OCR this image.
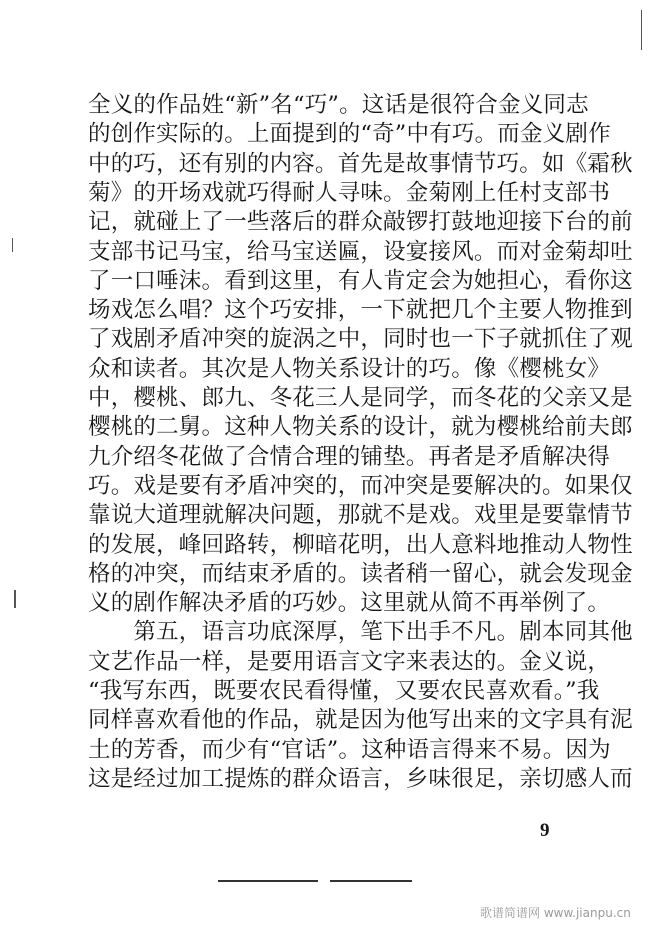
全义的作品姓“新”名“巧”。这话是很符合金义同志
的创作实际的。上面提到的“奇”中有巧。而金义剧作
中的巧，还有别的内容。首先是故事情节巧。如《霜秋
菊》的开场戏就巧得耐人寻味。金菊刚上任村支部书
记，就碰上了一些落后的群众敲锣打鼓地迎接下台的前
支部书记马宝，给马宝送匾，设宴接风。而对金菊却吐
了一口唾沫。看到这里，有人肯定会为她担心，看你这
场戏怎么唱？这个巧安排，一下就把几个主要人物推到
了戏剧矛盾冲突的旋涡之中，同时也一下子就抓住了观
众和读者。其次是人物关系设计的巧。像《樱桃女》
中，樱桃、郎九、冬花三人是同学，而冬花的父亲又是
樱桃的二舅。这种人物关系的设计，就为樱桃给前夫郎
九介绍冬花做了合情合理的铺垫。再者是矛盾解决得
巧。戏是要有矛盾冲突的，而冲突是要解决的。如果仅
靠说大道理就解决问题，那就不是戏。戏里是要靠情节
的发展，峰回路转，柳暗花明，出人意料地推动人物性
格的冲突，而结束矛盾的。读者稍一留心，就会发现金
义的剧作解决矛盾的巧妙。这里就从简不再举例了。
　　第五，语言功底深厚，笔下出手不凡。剧本同其他
文艺作品一样，是要用语言文字来表达的。金义说，
“我写东西，既要农民看得懂，又要农民喜欢看。”我
同样喜欢看他的作品，就是因为他写出来的文字具有泥
土的芳香，而少有“官话”。这种语言得来不易。因为
这是经过加工提炼的群众语言，乡味很足，亲切感人而
9
歌谱简谱网 www.jianpu.cn
